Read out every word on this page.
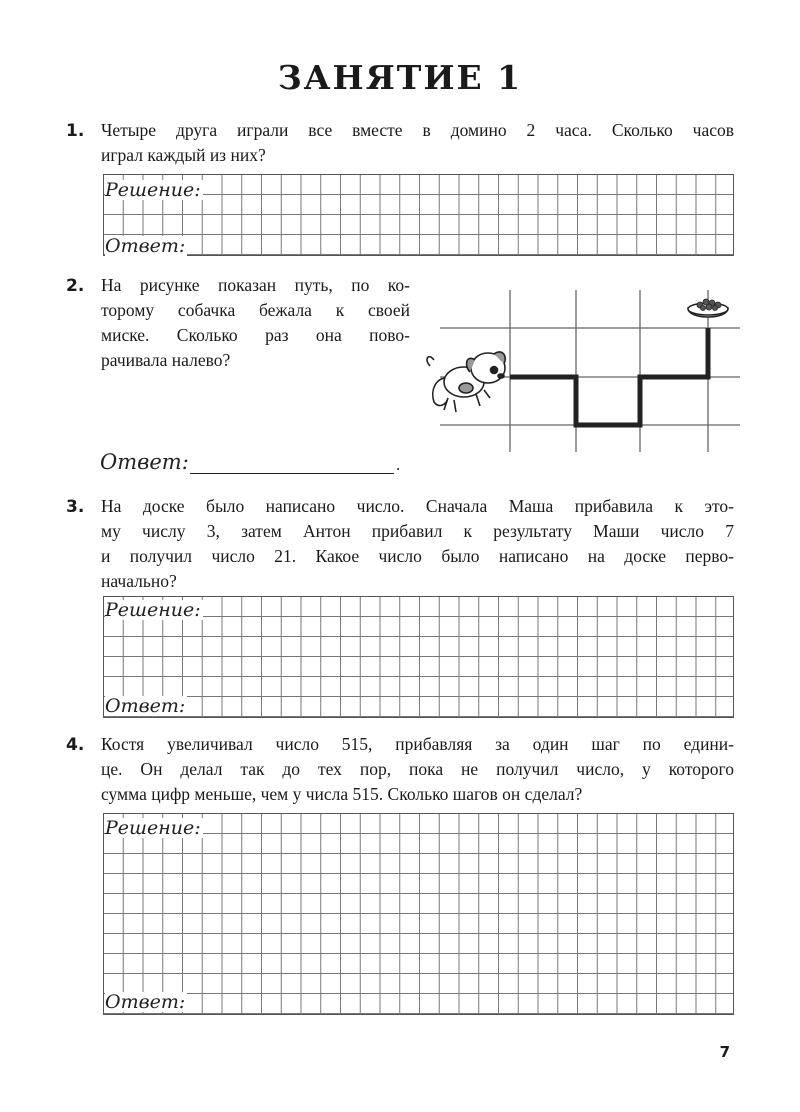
ЗАНЯТИЕ 1
1. Четыре друга играли все вместе в домино 2 часа. Сколько часов
играл каждый из них?
Решение:
Ответ:
2. На рисунке показан путь, по ко-
торому собачка бежала к своей
миске. Сколько раз она пово-
рачивала налево?
Ответ:	.
3. На доске было написано число. Сначала Маша прибавила к это-
му числу 3, затем Антон прибавил к результату Маши число 7
и получил число 21. Какое число было написано на доске перво-
начально?
Решение:
Ответ:
4. Костя увеличивал число 515, прибавляя за один шаг по едини-
це. Он делал так до тех пор, пока не получил число, у которого
сумма цифр меньше, чем у числа 515. Сколько шагов он сделал?
Решение:
Ответ:
7
